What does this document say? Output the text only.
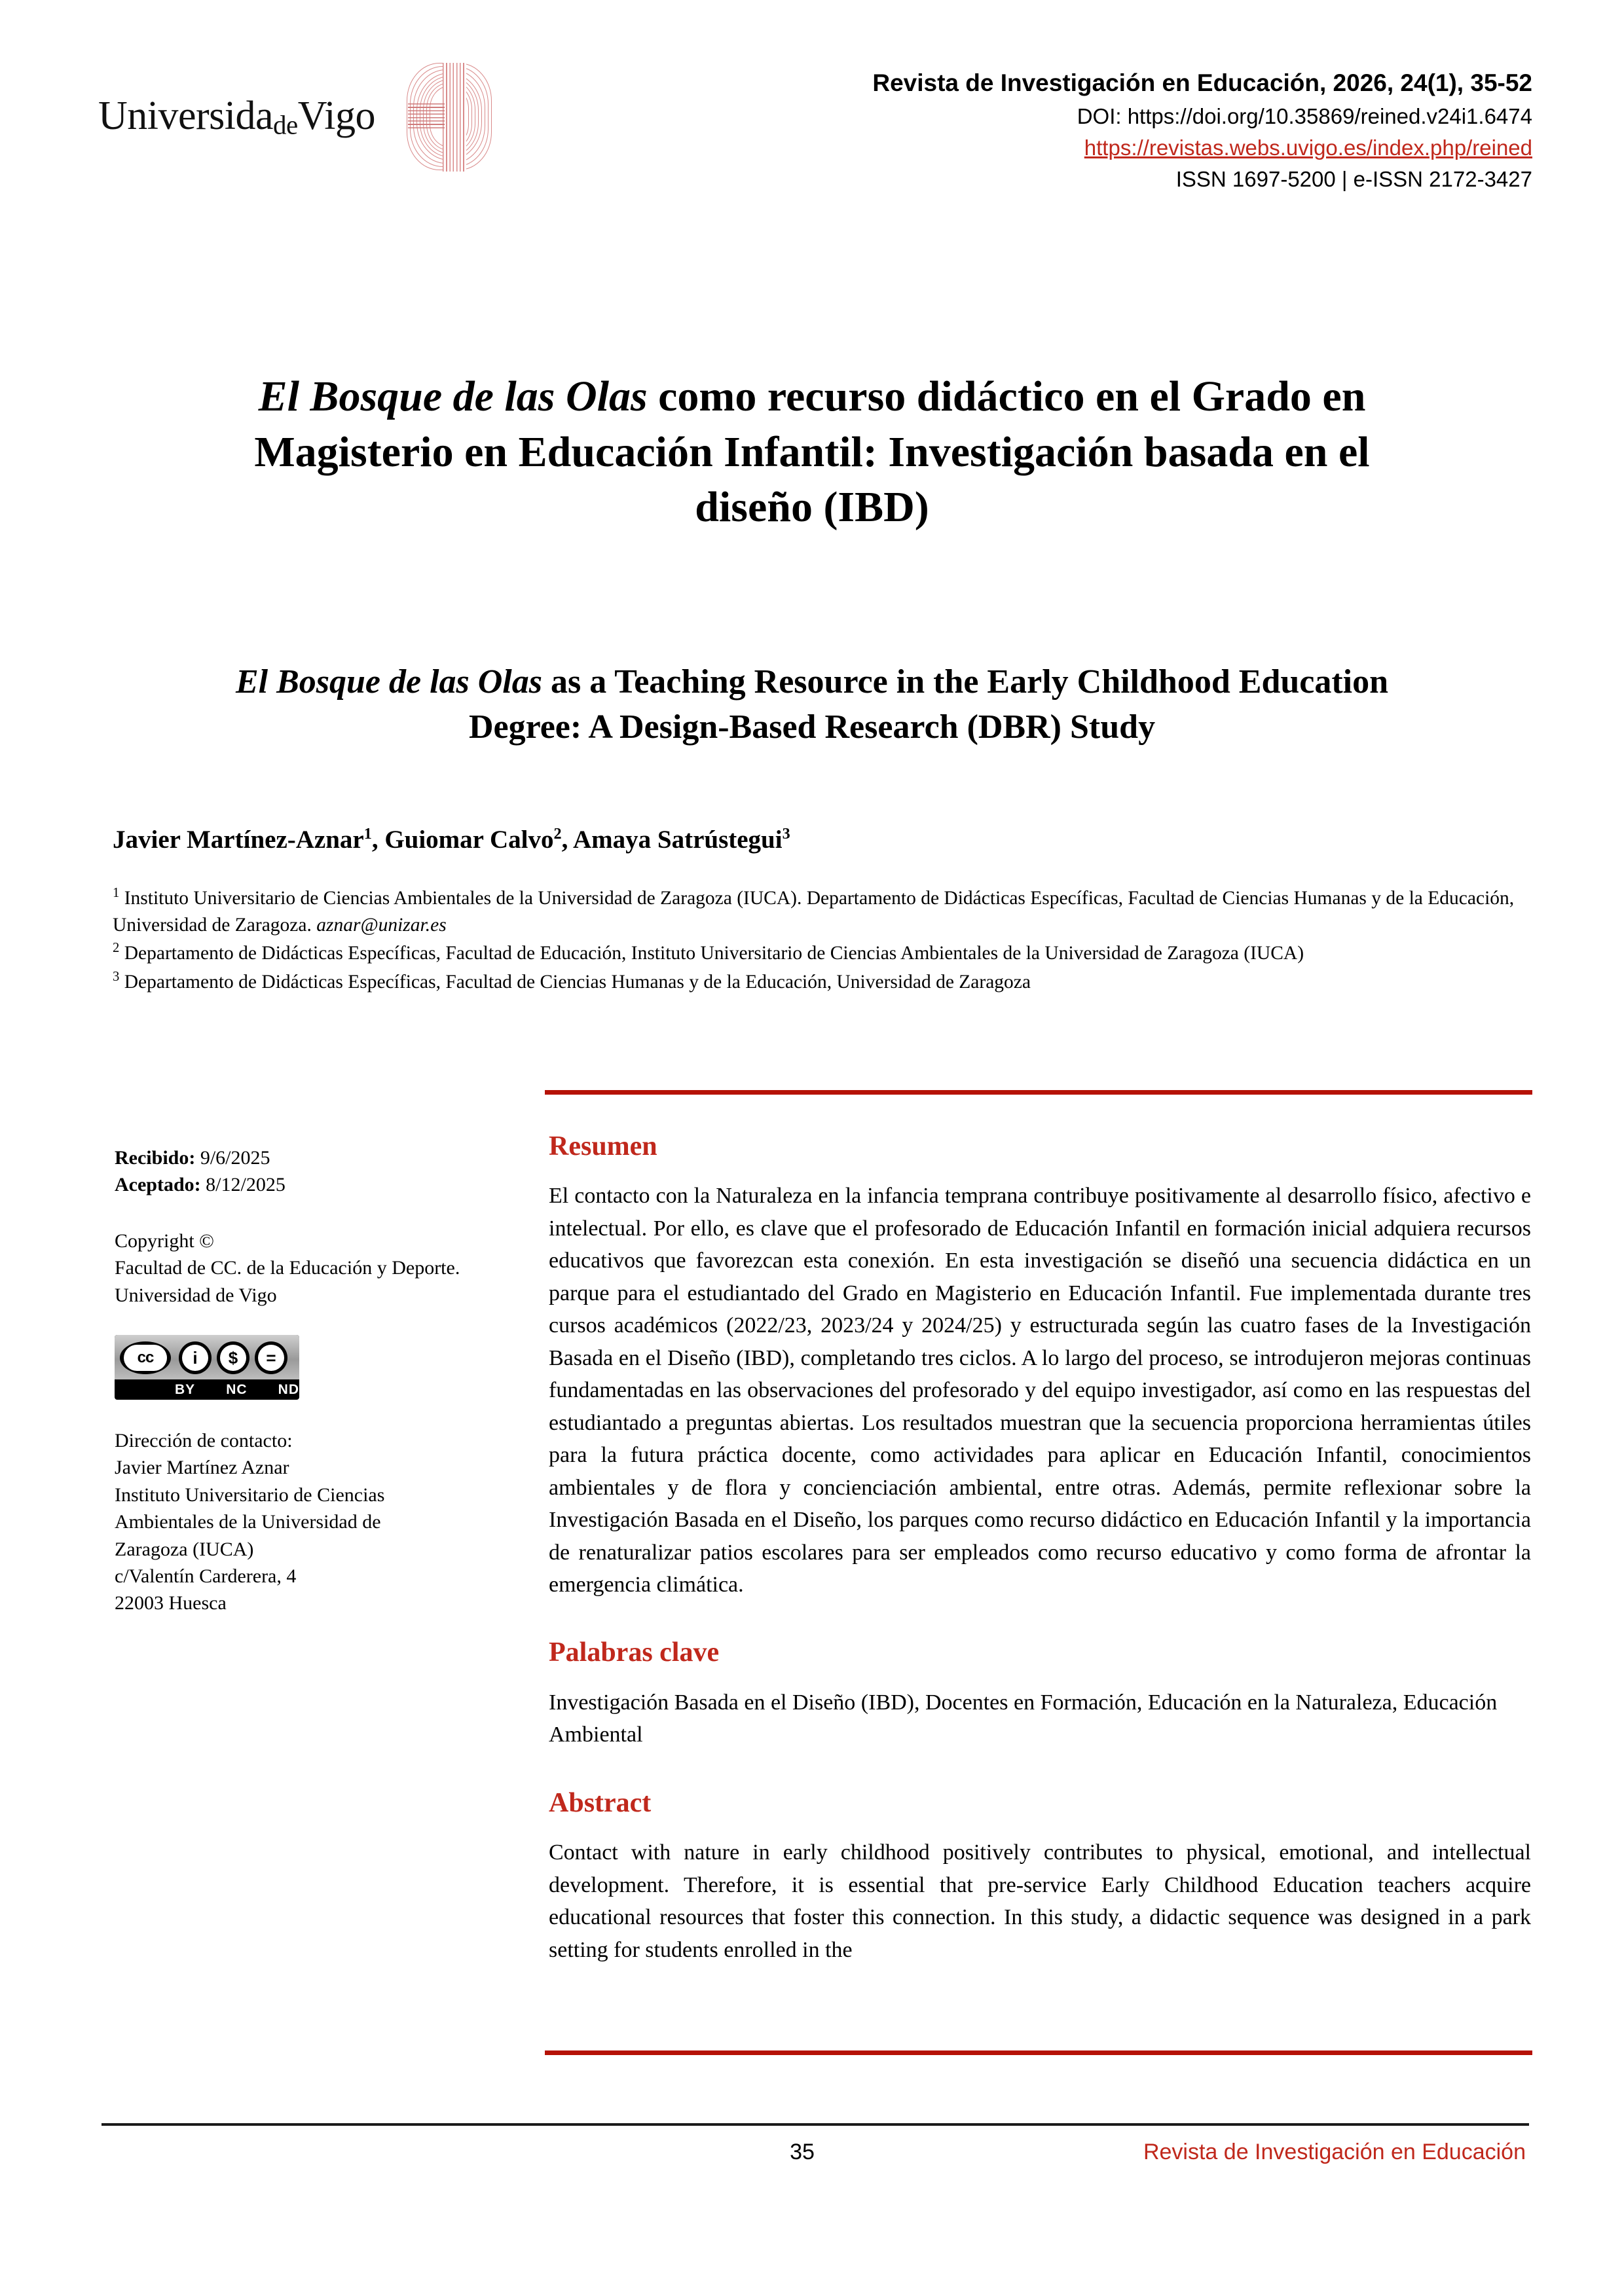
UniversidadeVigo
Revista de Investigación en Educación, 2026, 24(1), 35-52
DOI: https://doi.org/10.35869/reined.v24i1.6474
https://revistas.webs.uvigo.es/index.php/reined
ISSN 1697-5200 | e-ISSN 2172-3427
El Bosque de las Olas como recurso didáctico en el Grado en Magisterio en Educación Infantil: Investigación basada en el diseño (IBD)
El Bosque de las Olas as a Teaching Resource in the Early Childhood Education Degree: A Design-Based Research (DBR) Study
Javier Martínez-Aznar$^1$, Guiomar Calvo$^2$, Amaya Satrústegui$^3$

$^1$ Instituto Universitario de Ciencias Ambientales de la Universidad de Zaragoza (IUCA). Departamento de Didácticas Específicas, Facultad de Ciencias Humanas y de la Educación, Universidad de Zaragoza. aznar@unizar.es

$^2$ Departamento de Didácticas Específicas, Facultad de Educación, Instituto Universitario de Ciencias Ambientales de la Universidad de Zaragoza (IUCA)

$^3$ Departamento de Didácticas Específicas, Facultad de Ciencias Humanas y de la Educación, Universidad de Zaragoza

Recibido: 9/6/2025
Aceptado: 8/12/2025
Copyright ©
Facultad de CC. de la Educación y Deporte.
Universidad de Vigo
cc	i	$	=
BY NC ND
Dirección de contacto:
Javier Martínez Aznar
Instituto Universitario de Ciencias
Ambientales de la Universidad de
Zaragoza (IUCA)
c/Valentín Carderera, 4
22003 Huesca
Resumen

El contacto con la Naturaleza en la infancia temprana contribuye positivamente al desarrollo físico, afectivo e intelectual. Por ello, es clave que el profesorado de Educación Infantil en formación inicial adquiera recursos educativos que favorezcan esta conexión. En esta investigación se diseñó una secuencia didáctica en un parque para el estudiantado del Grado en Magisterio en Educación Infantil. Fue implementada durante tres cursos académicos (2022/23, 2023/24 y 2024/25) y estructurada según las cuatro fases de la Investigación Basada en el Diseño (IBD), completando tres ciclos. A lo largo del proceso, se introdujeron mejoras continuas fundamentadas en las observaciones del profesorado y del equipo investigador, así como en las respuestas del estudiantado a preguntas abiertas. Los resultados muestran que la secuencia proporciona herramientas útiles para la futura práctica docente, como actividades para aplicar en Educación Infantil, conocimientos ambientales y de flora y concienciación ambiental, entre otras. Además, permite reflexionar sobre la Investigación Basada en el Diseño, los parques como recurso didáctico en Educación Infantil y la importancia de renaturalizar patios escolares para ser empleados como recurso educativo y como forma de afrontar la emergencia climática.

Palabras clave

Investigación Basada en el Diseño (IBD), Docentes en Formación, Educación en la Naturaleza, Educación Ambiental

Abstract

Contact with nature in early childhood positively contributes to physical, emotional, and intellectual development. Therefore, it is essential that pre-service Early Childhood Education teachers acquire educational resources that foster this connection. In this study, a didactic sequence was designed in a park setting for students enrolled in the

35	Revista de Investigación en Educación
